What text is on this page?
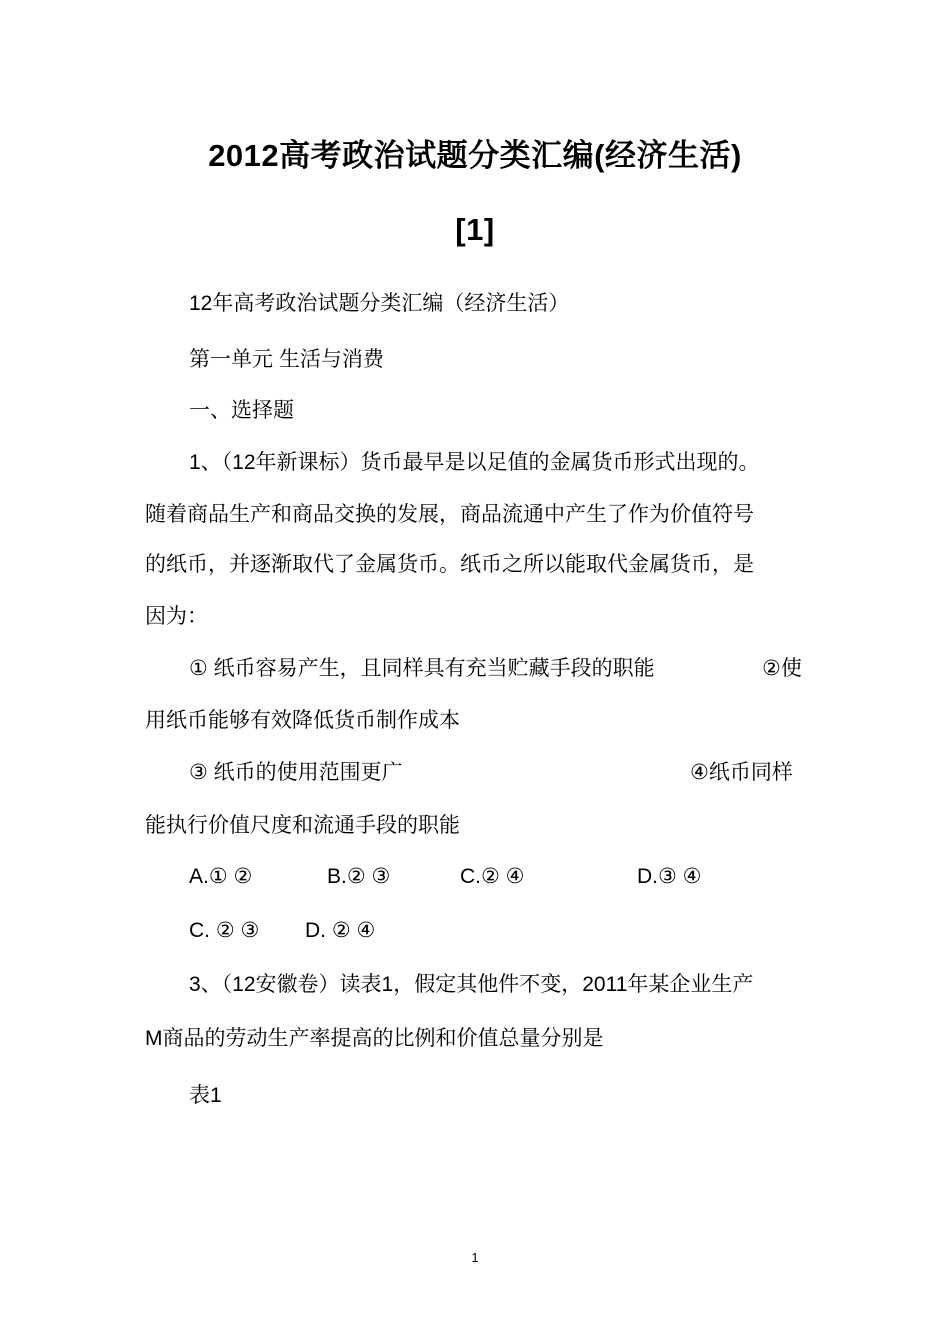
2012高考政治试题分类汇编(经济生活)
[1]
12年高考政治试题分类汇编（经济生活）
第一单元 生活与消费
一、选择题
1、（12年新课标）货币最早是以足值的金属货币形式出现的。
随着商品生产和商品交换的发展，商品流通中产生了作为价值符号
的纸币，并逐渐取代了金属货币。纸币之所以能取代金属货币，是
因为：
① 纸币容易产生，且同样具有充当贮藏手段的职能	②使
用纸币能够有效降低货币制作成本
③ 纸币的使用范围更广	④纸币同样
能执行价值尺度和流通手段的职能
A.① ②	B.② ③	C.② ④	D.③ ④
C. ② ③ D. ② ④
3、（12安徽卷）读表1，假定其他件不变，2011年某企业生产
M商品的劳动生产率提高的比例和价值总量分别是
表1
1
